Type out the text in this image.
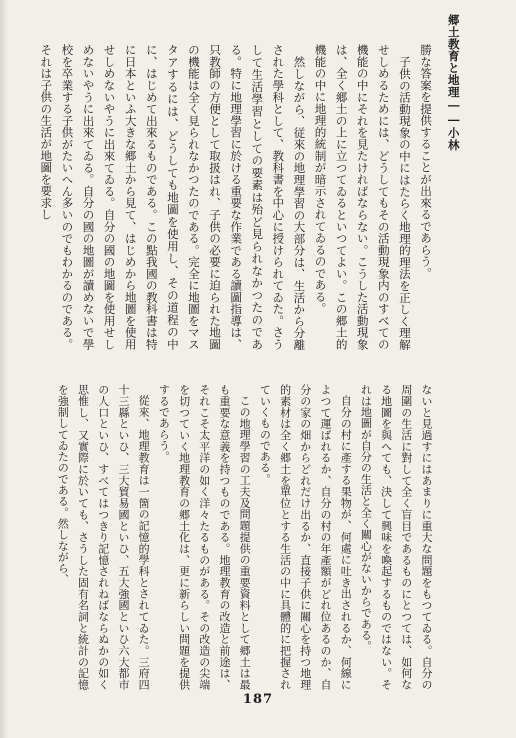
郷土教育と地理――小林

勝な答案を提供することが出來るであらう。

子供の活動現象の中にはたらく地理的理法を正しく理解せしめるためには、どうしてもその活動現象内のすべての機能の中にそれを見たければならない。こうした活動現象は、全く郷土の上に立つてゐるといつてよい。この郷土的機能の中に地理的統制が暗示されてゐるのである。

然しながら、従來の地理學習の大部分は、生活から分離された學科として、教科書を中心に授けられてゐた。さうして生活學習としての要素は殆ど見られなかつたのである。特に地理學習に於ける重要な作業である讀圖指導は、只教師の方便として取扱はれ、子供の必要に迫られた地圖の機能は全く見られなかつたのである。完全に地圖をマスタアするには、どうしても地圖を使用し、その道程の中に、はじめて出來るものである。この點我國の教科書は特に日本といふ大きな郷土から見て、はじめから地圖を使用せしめないやうに出來てゐる。自分の國の地圖を使用せしめないやうに出來てゐる。自分の國の地圖が讀めないで學校を卒業する子供がたいへん多いのでもわかるのである。それは子供の生活が地圖を要求し

ないと見過すにはあまりに重大な問題をもつてゐる。自分の周圍の生活に對して全く盲目であるものにとつては、如何なる地圖を與へても、決して興味を喚起するものではない。それは地圖が自分の生活と全く關心がないからである。

自分の村に產する果物が、何處に吐き出されるか、何線によつて運ばれるか、自分の村の年產額がどれ位あるのか、自分の家の畑からどれだけ出るか、直接子供に關心を持つ地理的素材は全く郷土を單位とする生活の中に具體的に把握されていくものである。

この地理學習の工夫及問題提供の重要資料として郷土は最も重要な意義を持つものである。地理教育の改造と前途は、それこそ太平洋の如く洋々たるものがある。その改造の尖端を切つていく地理教育の郷土化は、更に新らしい問題を提供するであらう。

從來、地理教育は一箇の記憶的學科とされてゐた。三府四十三縣といひ、三大貿易國といひ、五大強國といひ六大都市の人口といひ、すべてはつきり記憶されねばならぬかの如く思惟し、又實際に於いても、さうした固有名詞と統計の記憶を強制してゐたのである。然しながら、

187
